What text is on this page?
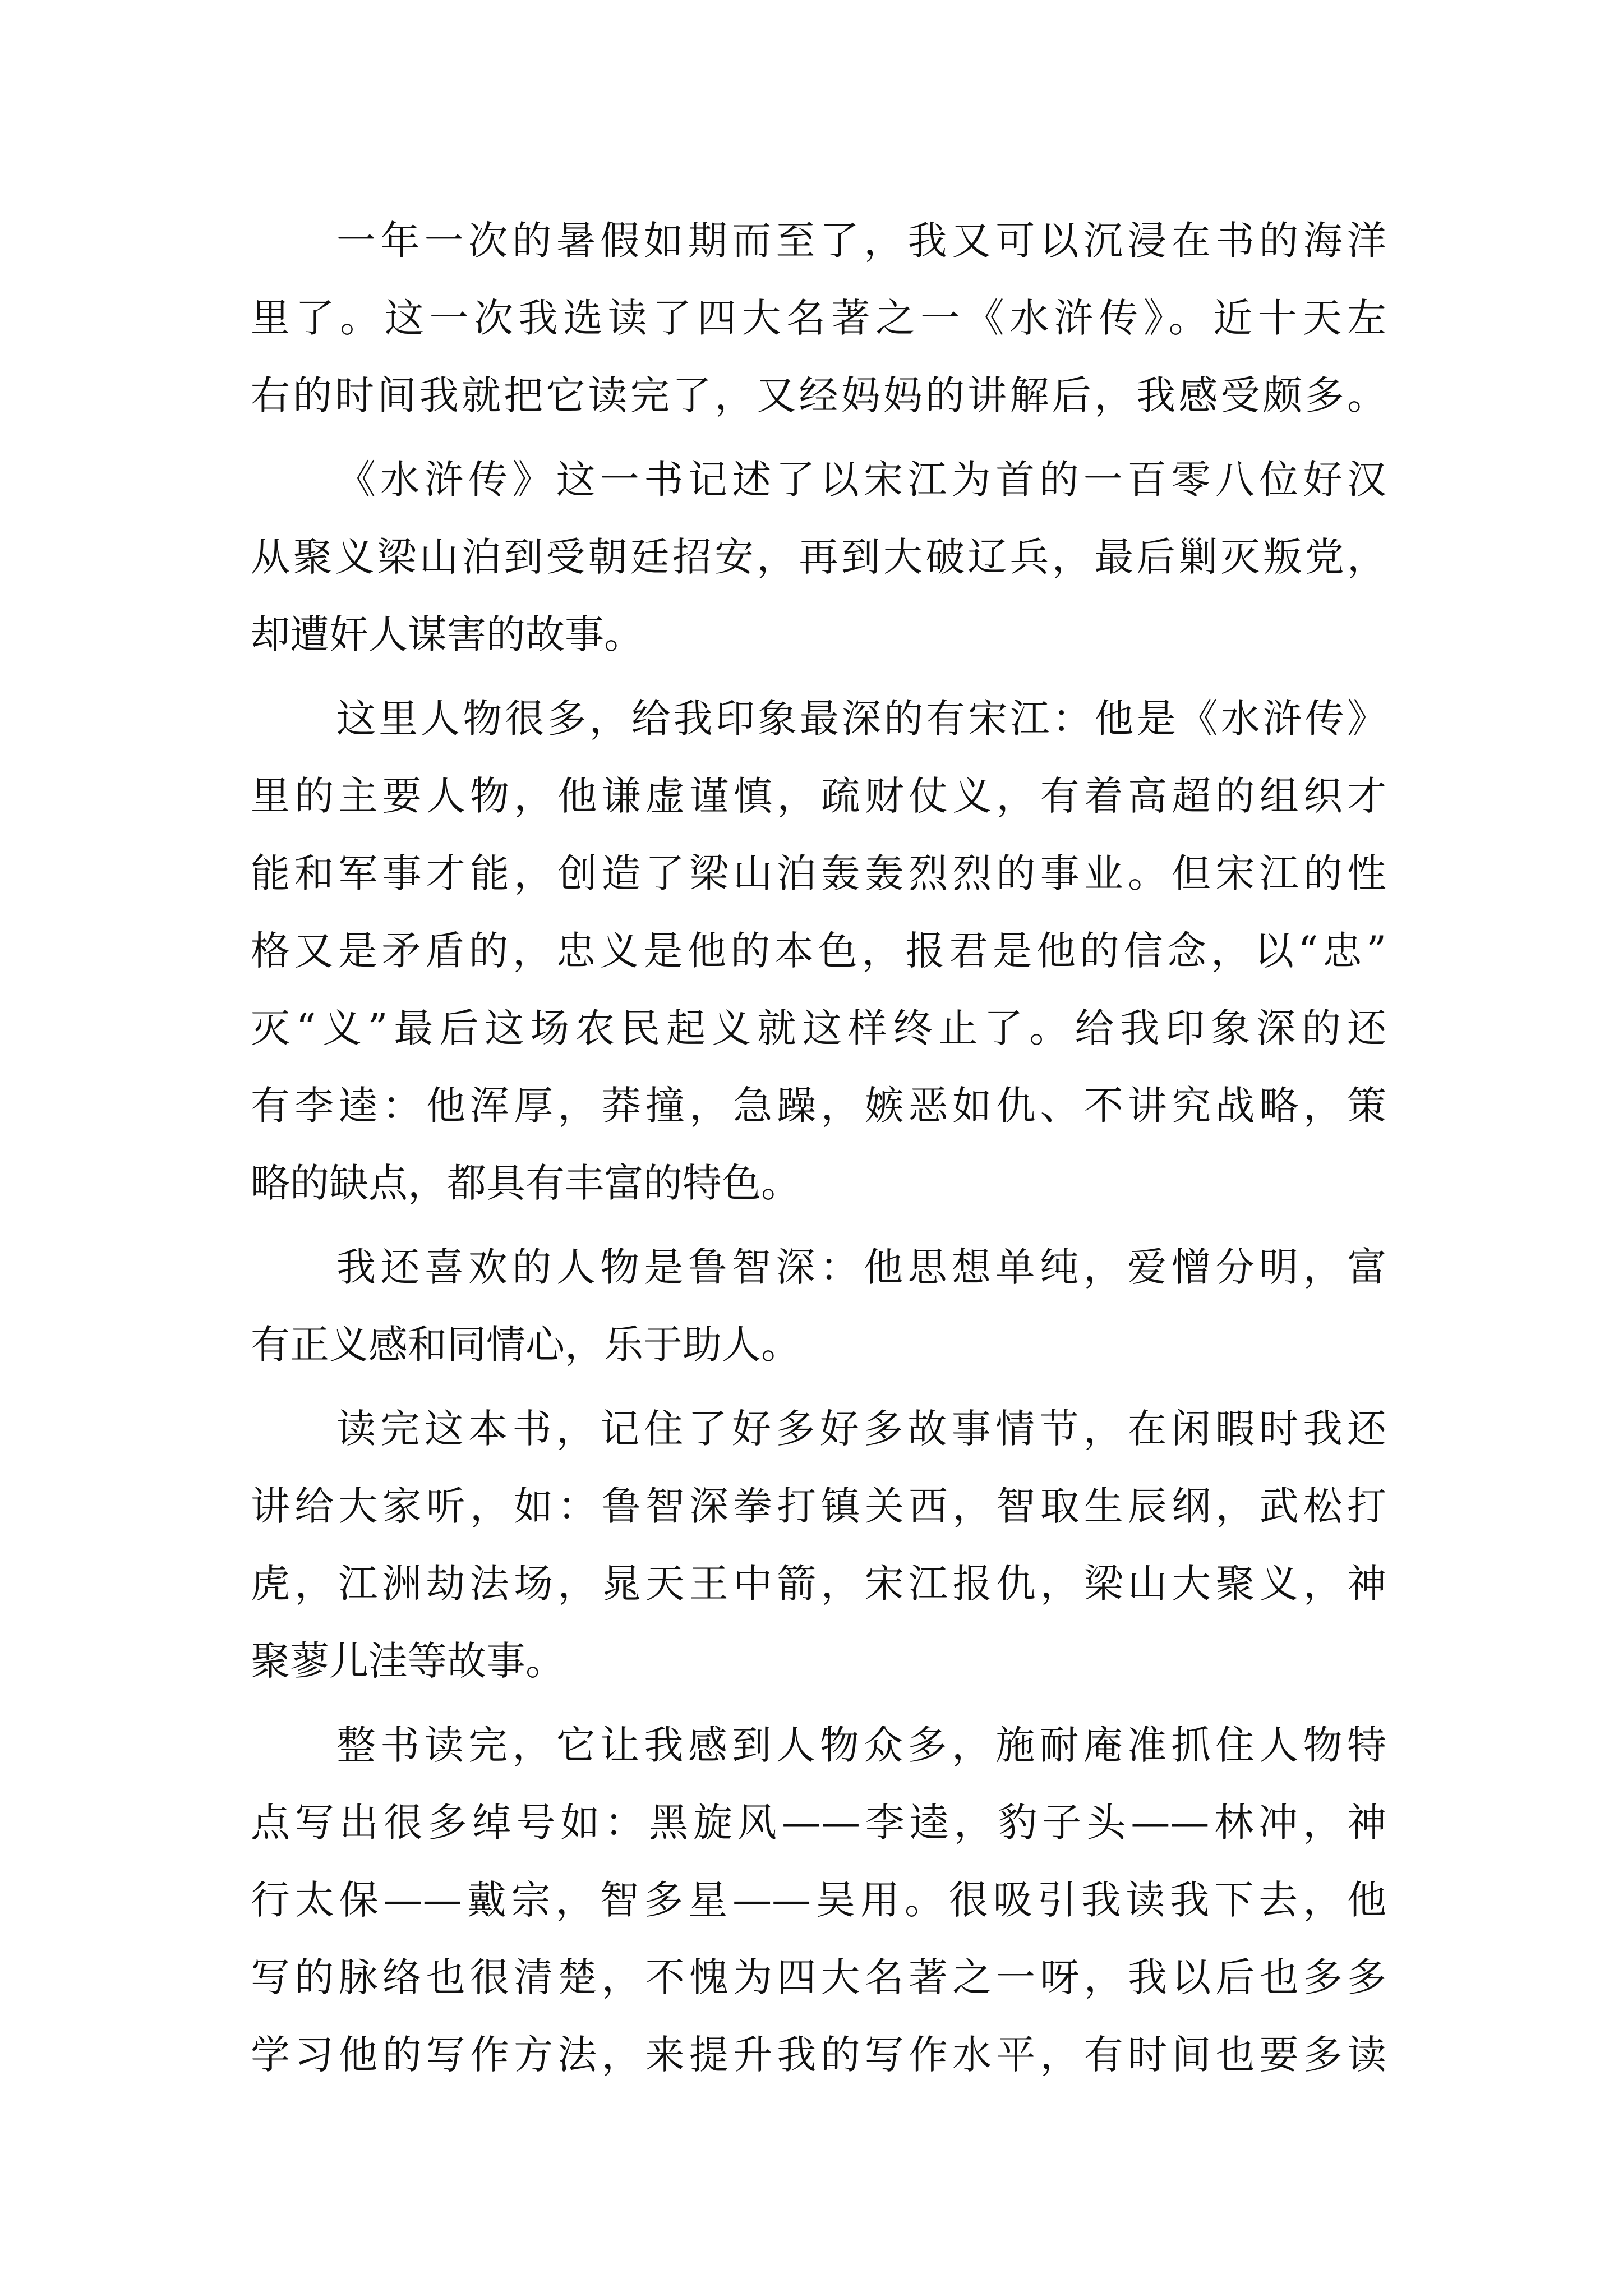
一年一次的暑假如期而至了，我又可以沉浸在书的海洋
里了。这一次我选读了四大名著之一《水浒传》。近十天左
右的时间我就把它读完了，又经妈妈的讲解后，我感受颇多。
《水浒传》这一书记述了以宋江为首的一百零八位好汉
从聚义梁山泊到受朝廷招安，再到大破辽兵，最后剿灭叛党，
却遭奸人谋害的故事。
这里人物很多，给我印象最深的有宋江：他是《水浒传》
里的主要人物，他谦虚谨慎，疏财仗义，有着高超的组织才
能和军事才能，创造了梁山泊轰轰烈烈的事业。但宋江的性
格又是矛盾的，忠义是他的本色，报君是他的信念，以“忠”
灭“义”最后这场农民起义就这样终止了。给我印象深的还
有李逵：他浑厚，莽撞，急躁，嫉恶如仇、不讲究战略，策
略的缺点，都具有丰富的特色。
我还喜欢的人物是鲁智深：他思想单纯，爱憎分明，富
有正义感和同情心，乐于助人。
读完这本书，记住了好多好多故事情节，在闲暇时我还
讲给大家听，如：鲁智深拳打镇关西，智取生辰纲，武松打
虎，江洲劫法场，晁天王中箭，宋江报仇，梁山大聚义，神
聚蓼儿洼等故事。
整书读完，它让我感到人物众多，施耐庵准抓住人物特
点写出很多绰号如：黑旋风——李逵，豹子头——林冲，神
行太保——戴宗，智多星——吴用。很吸引我读我下去，他
写的脉络也很清楚，不愧为四大名著之一呀，我以后也多多
学习他的写作方法，来提升我的写作水平，有时间也要多读
